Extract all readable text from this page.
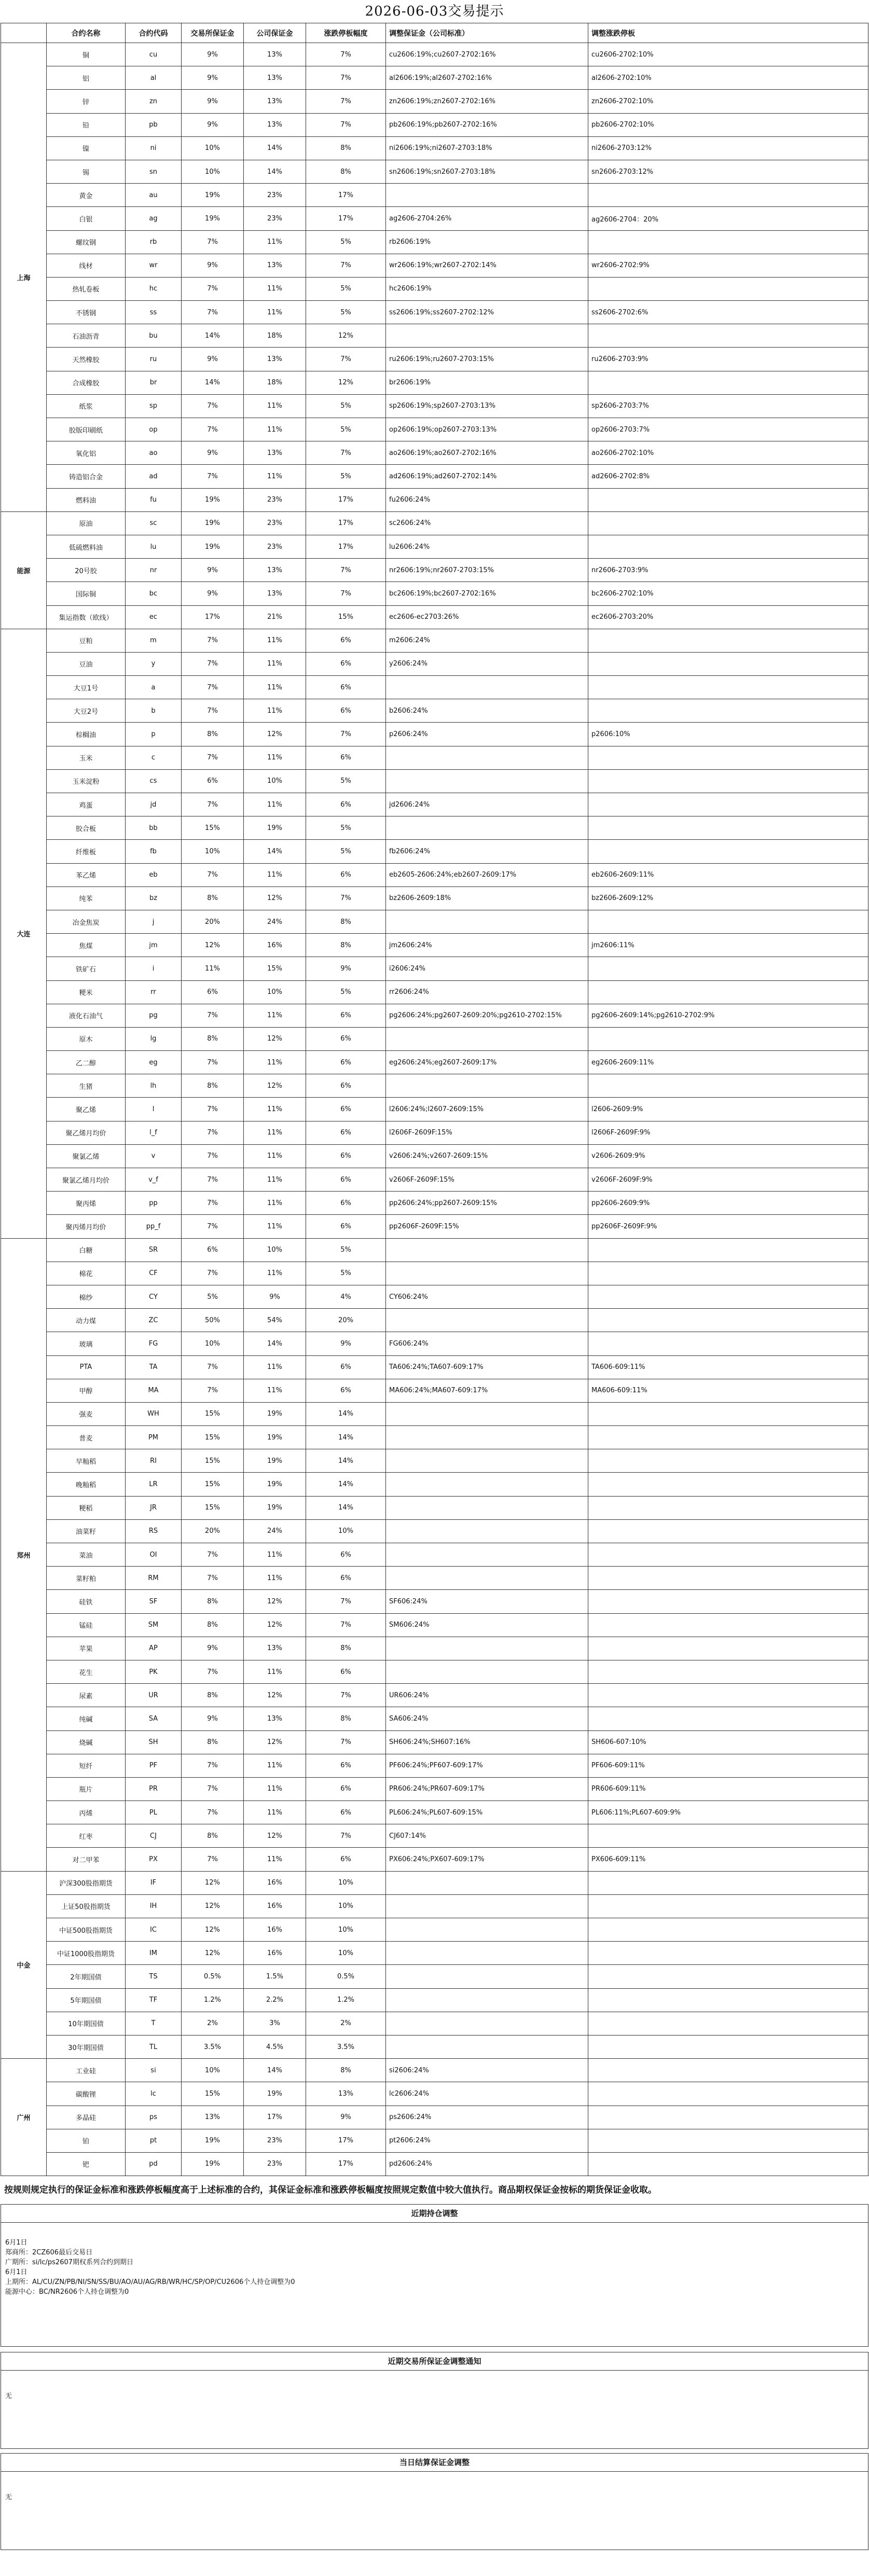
2026-06-03交易提示
	合约名称	合约代码	交易所保证金	公司保证金	涨跌停板幅度	调整保证金（公司标准）	调整涨跌停板
上海	铜	cu	9%	13%	7%	cu2606:19%;cu2607-2702:16%	cu2606-2702:10%
	铝	al	9%	13%	7%	al2606:19%;al2607-2702:16%	al2606-2702:10%
	锌	zn	9%	13%	7%	zn2606:19%;zn2607-2702:16%	zn2606-2702:10%
	铅	pb	9%	13%	7%	pb2606:19%;pb2607-2702:16%	pb2606-2702:10%
	镍	ni	10%	14%	8%	ni2606:19%;ni2607-2703:18%	ni2606-2703:12%
	锡	sn	10%	14%	8%	sn2606:19%;sn2607-2703:18%	sn2606-2703:12%
	黄金	au	19%	23%	17%		
	白银	ag	19%	23%	17%	ag2606-2704:26%	ag2606-2704：20%
	螺纹钢	rb	7%	11%	5%	rb2606:19%	
	线材	wr	9%	13%	7%	wr2606:19%;wr2607-2702:14%	wr2606-2702:9%
	热轧卷板	hc	7%	11%	5%	hc2606:19%	
	不锈钢	ss	7%	11%	5%	ss2606:19%;ss2607-2702:12%	ss2606-2702:6%
	石油沥青	bu	14%	18%	12%		
	天然橡胶	ru	9%	13%	7%	ru2606:19%;ru2607-2703:15%	ru2606-2703:9%
	合成橡胶	br	14%	18%	12%	br2606:19%	
	纸浆	sp	7%	11%	5%	sp2606:19%;sp2607-2703:13%	sp2606-2703:7%
	胶版印刷纸	op	7%	11%	5%	op2606:19%;op2607-2703:13%	op2606-2703:7%
	氧化铝	ao	9%	13%	7%	ao2606:19%;ao2607-2702:16%	ao2606-2702:10%
	铸造铝合金	ad	7%	11%	5%	ad2606:19%;ad2607-2702:14%	ad2606-2702:8%
	燃料油	fu	19%	23%	17%	fu2606:24%	
能源	原油	sc	19%	23%	17%	sc2606:24%	
	低硫燃料油	lu	19%	23%	17%	lu2606:24%	
	20号胶	nr	9%	13%	7%	nr2606:19%;nr2607-2703:15%	nr2606-2703:9%
	国际铜	bc	9%	13%	7%	bc2606:19%;bc2607-2702:16%	bc2606-2702:10%
	集运指数（欧线）	ec	17%	21%	15%	ec2606-ec2703:26%	ec2606-2703:20%
大连	豆粕	m	7%	11%	6%	m2606:24%	
	豆油	y	7%	11%	6%	y2606:24%	
	大豆1号	a	7%	11%	6%		
	大豆2号	b	7%	11%	6%	b2606:24%	
	棕榈油	p	8%	12%	7%	p2606:24%	p2606:10%
	玉米	c	7%	11%	6%		
	玉米淀粉	cs	6%	10%	5%		
	鸡蛋	jd	7%	11%	6%	jd2606:24%	
	胶合板	bb	15%	19%	5%		
	纤维板	fb	10%	14%	5%	fb2606:24%	
	苯乙烯	eb	7%	11%	6%	eb2605-2606:24%;eb2607-2609:17%	eb2606-2609:11%
	纯苯	bz	8%	12%	7%	bz2606-2609:18%	bz2606-2609:12%
	冶金焦炭	j	20%	24%	8%		
	焦煤	jm	12%	16%	8%	jm2606:24%	jm2606:11%
	铁矿石	i	11%	15%	9%	i2606:24%	
	粳米	rr	6%	10%	5%	rr2606:24%	
	液化石油气	pg	7%	11%	6%	pg2606:24%;pg2607-2609:20%;pg2610-2702:15%	pg2606-2609:14%;pg2610-2702:9%
	原木	lg	8%	12%	6%		
	乙二醇	eg	7%	11%	6%	eg2606:24%;eg2607-2609:17%	eg2606-2609:11%
	生猪	lh	8%	12%	6%		
	聚乙烯	l	7%	11%	6%	l2606:24%;l2607-2609:15%	l2606-2609:9%
	聚乙烯月均价	l_f	7%	11%	6%	l2606F-2609F:15%	l2606F-2609F:9%
	聚氯乙烯	v	7%	11%	6%	v2606:24%;v2607-2609:15%	v2606-2609:9%
	聚氯乙烯月均价	v_f	7%	11%	6%	v2606F-2609F:15%	v2606F-2609F:9%
	聚丙烯	pp	7%	11%	6%	pp2606:24%;pp2607-2609:15%	pp2606-2609:9%
	聚丙烯月均价	pp_f	7%	11%	6%	pp2606F-2609F:15%	pp2606F-2609F:9%
郑州	白糖	SR	6%	10%	5%		
	棉花	CF	7%	11%	5%		
	棉纱	CY	5%	9%	4%	CY606:24%	
	动力煤	ZC	50%	54%	20%		
	玻璃	FG	10%	14%	9%	FG606:24%	
	PTA	TA	7%	11%	6%	TA606:24%;TA607-609:17%	TA606-609:11%
	甲醇	MA	7%	11%	6%	MA606:24%;MA607-609:17%	MA606-609:11%
	强麦	WH	15%	19%	14%		
	普麦	PM	15%	19%	14%		
	早籼稻	RI	15%	19%	14%		
	晚籼稻	LR	15%	19%	14%		
	粳稻	JR	15%	19%	14%		
	油菜籽	RS	20%	24%	10%		
	菜油	OI	7%	11%	6%		
	菜籽粕	RM	7%	11%	6%		
	硅铁	SF	8%	12%	7%	SF606:24%	
	锰硅	SM	8%	12%	7%	SM606:24%	
	苹果	AP	9%	13%	8%		
	花生	PK	7%	11%	6%		
	尿素	UR	8%	12%	7%	UR606:24%	
	纯碱	SA	9%	13%	8%	SA606:24%	
	烧碱	SH	8%	12%	7%	SH606:24%;SH607:16%	SH606-607:10%
	短纤	PF	7%	11%	6%	PF606:24%;PF607-609:17%	PF606-609:11%
	瓶片	PR	7%	11%	6%	PR606:24%;PR607-609:17%	PR606-609:11%
	丙烯	PL	7%	11%	6%	PL606:24%;PL607-609:15%	PL606:11%;PL607-609:9%
	红枣	CJ	8%	12%	7%	CJ607:14%	
	对二甲苯	PX	7%	11%	6%	PX606:24%;PX607-609:17%	PX606-609:11%
中金	沪深300股指期货	IF	12%	16%	10%		
	上证50股指期货	IH	12%	16%	10%		
	中证500股指期货	IC	12%	16%	10%		
	中证1000股指期货	IM	12%	16%	10%		
	2年期国债	TS	0.5%	1.5%	0.5%		
	5年期国债	TF	1.2%	2.2%	1.2%		
	10年期国债	T	2%	3%	2%		
	30年期国债	TL	3.5%	4.5%	3.5%		
广州	工业硅	si	10%	14%	8%	si2606:24%	
	碳酸锂	lc	15%	19%	13%	lc2606:24%	
	多晶硅	ps	13%	17%	9%	ps2606:24%	
	铂	pt	19%	23%	17%	pt2606:24%	
	钯	pd	19%	23%	17%	pd2606:24%	
按规则规定执行的保证金标准和涨跌停板幅度高于上述标准的合约，其保证金标准和涨跌停板幅度按照规定数值中较大值执行。商品期权保证金按标的期货保证金收取。
近期持仓调整
6月1日
郑商所：2CZ606最后交易日
广期所：si/lc/ps2607期权系列合约到期日
6月1日
上期所：AL/CU/ZN/PB/NI/SN/SS/BU/AO/AU/AG/RB/WR/HC/SP/OP/CU2606个人持仓调整为0
能源中心：BC/NR2606个人持仓调整为0
近期交易所保证金调整通知
无
当日结算保证金调整
无
